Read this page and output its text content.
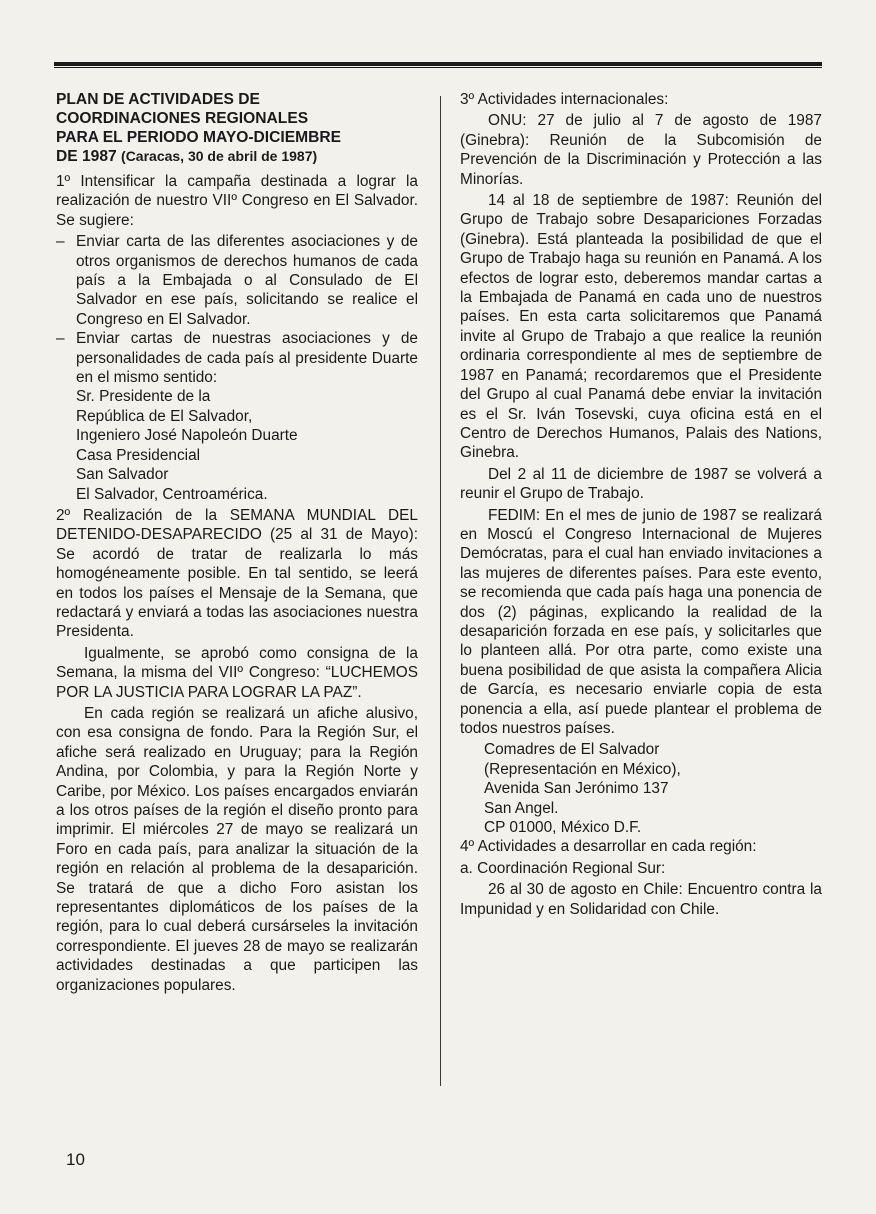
PLAN DE ACTIVIDADES DE
COORDINACIONES REGIONALES
PARA EL PERIODO MAYO-DICIEMBRE
DE 1987 (Caracas, 30 de abril de 1987)

1º Intensificar la campaña destinada a lograr la realización de nuestro VIIº Congreso en El Salvador. Se sugiere:

– Enviar carta de las diferentes asociaciones y de otros organismos de derechos humanos de cada país a la Embajada o al Consulado de El Salvador en ese país, solicitando se realice el Congreso en El Salvador.
– Enviar cartas de nuestras asociaciones y de personalidades de cada país al presidente Duarte en el mismo sentido:
Sr. Presidente de la
República de El Salvador,
Ingeniero José Napoleón Duarte
Casa Presidencial
San Salvador
El Salvador, Centroamérica.

2º Realización de la SEMANA MUNDIAL DEL DETENIDO-DESAPARECIDO (25 al 31 de Mayo): Se acordó de tratar de realizarla lo más homogéneamente posible. En tal sentido, se leerá en todos los países el Mensaje de la Semana, que redactará y enviará a todas las asociaciones nuestra Presidenta.

Igualmente, se aprobó como consigna de la Semana, la misma del VIIº Congreso: “LUCHEMOS POR LA JUSTICIA PARA LOGRAR LA PAZ”.

En cada región se realizará un afiche alusivo, con esa consigna de fondo. Para la Región Sur, el afiche será realizado en Uruguay; para la Región Andina, por Colombia, y para la Región Norte y Caribe, por México. Los países encargados enviarán a los otros países de la región el diseño pronto para imprimir. El miércoles 27 de mayo se realizará un Foro en cada país, para analizar la situación de la región en relación al problema de la desaparición. Se tratará de que a dicho Foro asistan los representantes diplomáticos de los países de la región, para lo cual deberá cursárseles la invitación correspondiente. El jueves 28 de mayo se realizarán actividades destinadas a que participen las organizaciones populares.

3º Actividades internacionales:

ONU: 27 de julio al 7 de agosto de 1987 (Ginebra): Reunión de la Subcomisión de Prevención de la Discriminación y Protección a las Minorías.

14 al 18 de septiembre de 1987: Reunión del Grupo de Trabajo sobre Desapariciones Forzadas (Ginebra). Está planteada la posibilidad de que el Grupo de Trabajo haga su reunión en Panamá. A los efectos de lograr esto, deberemos mandar cartas a la Embajada de Panamá en cada uno de nuestros países. En esta carta solicitaremos que Panamá invite al Grupo de Trabajo a que realice la reunión ordinaria correspondiente al mes de septiembre de 1987 en Panamá; recordaremos que el Presidente del Grupo al cual Panamá debe enviar la invitación es el Sr. Iván Tosevski, cuya oficina está en el Centro de Derechos Humanos, Palais des Nations, Ginebra.

Del 2 al 11 de diciembre de 1987 se volverá a reunir el Grupo de Trabajo.

FEDIM: En el mes de junio de 1987 se realizará en Moscú el Congreso Internacional de Mujeres Demócratas, para el cual han enviado invitaciones a las mujeres de diferentes países. Para este evento, se recomienda que cada país haga una ponencia de dos (2) páginas, explicando la realidad de la desaparición forzada en ese país, y solicitarles que lo planteen allá. Por otra parte, como existe una buena posibilidad de que asista la compañera Alicia de García, es necesario enviarle copia de esta ponencia a ella, así puede plantear el problema de todos nuestros países.

Comadres de El Salvador
(Representación en México),
Avenida San Jerónimo 137
San Angel.
CP 01000, México D.F.

4º Actividades a desarrollar en cada región:

a. Coordinación Regional Sur:

26 al 30 de agosto en Chile: Encuentro contra la Impunidad y en Solidaridad con Chile.

10
